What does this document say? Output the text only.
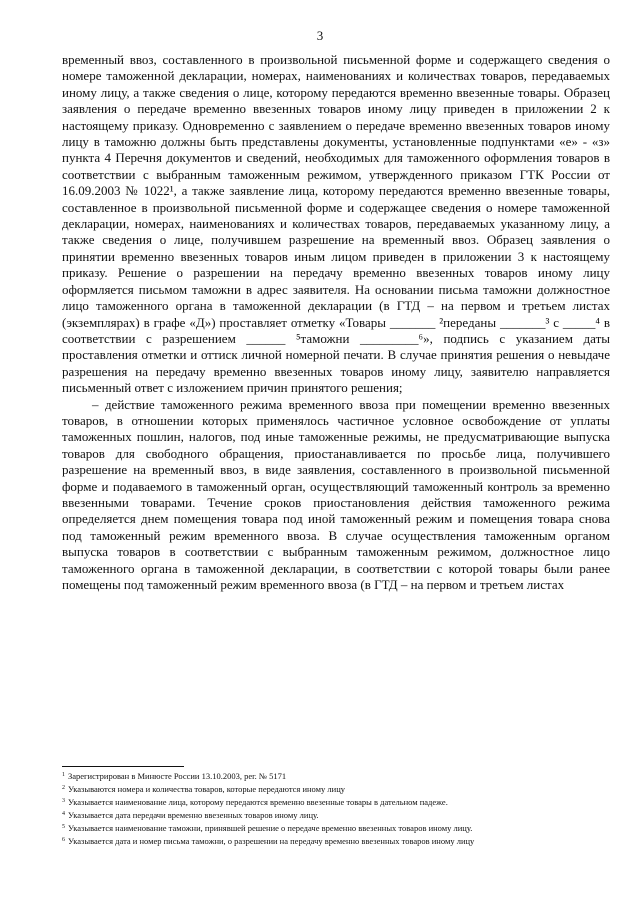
3

временный ввоз, составленного в произвольной письменной форме и содержащего сведения о номере таможенной декларации, номерах, наименованиях и количествах товаров, передаваемых иному лицу, а также сведения о лице, которому передаются временно ввезенные товары. Образец заявления о передаче временно ввезенных товаров иному лицу приведен в приложении 2 к настоящему приказу. Одновременно с заявлением о передаче временно ввезенных товаров иному лицу в таможню должны быть представлены документы, установленные подпунктами «е» - «з» пункта 4 Перечня документов и сведений, необходимых для таможенного оформления товаров в соответствии с выбранным таможенным режимом, утвержденного приказом ГТК России от 16.09.2003 № 1022¹, а также заявление лица, которому передаются временно ввезенные товары, составленное в произвольной письменной форме и содержащее сведения о номере таможенной декларации, номерах, наименованиях и количествах товаров, передаваемых указанному лицу, а также сведения о лице, получившем разрешение на временный ввоз. Образец заявления о принятии временно ввезенных товаров иным лицом приведен в приложении 3 к настоящему приказу. Решение о разрешении на передачу временно ввезенных товаров иному лицу оформляется письмом таможни в адрес заявителя. На основании письма таможни должностное лицо таможенного органа в таможенной декларации (в ГТД – на первом и третьем листах (экземплярах) в графе «Д») проставляет отметку «Товары _______ ²переданы _______³ с _____⁴ в соответствии с разрешением ______ ⁵таможни _________⁶», подпись с указанием даты проставления отметки и оттиск личной номерной печати. В случае принятия решения о невыдаче разрешения на передачу временно ввезенных товаров иному лицу, заявителю направляется письменный ответ с изложением причин принятого решения;

– действие таможенного режима временного ввоза при помещении временно ввезенных товаров, в отношении которых применялось частичное условное освобождение от уплаты таможенных пошлин, налогов, под иные таможенные режимы, не предусматривающие выпуска товаров для свободного обращения, приостанавливается по просьбе лица, получившего разрешение на временный ввоз, в виде заявления, составленного в произвольной письменной форме и подаваемого в таможенный орган, осуществляющий таможенный контроль за временно ввезенными товарами. Течение сроков приостановления действия таможенного режима определяется днем помещения товара под иной таможенный режим и помещения товара снова под таможенный режим временного ввоза. В случае осуществления таможенным органом выпуска товаров в соответствии с выбранным таможенным режимом, должностное лицо таможенного органа в таможенной декларации, в соответствии с которой товары были ранее помещены под таможенный режим временного ввоза (в ГТД – на первом и третьем листах

$^1$ Зарегистрирован в Минюсте России 13.10.2003, рег. № 5171
$^2$ Указываются номера и количества товаров, которые передаются иному лицу
$^3$ Указывается наименование лица, которому передаются временно ввезенные товары в дательном падеже.
$^4$ Указывается дата передачи временно ввезенных товаров иному лицу.
$^5$ Указывается наименование таможни, принявшей решение о передаче временно ввезенных товаров иному лицу.
$^6$ Указывается дата и номер письма таможни, о разрешении на передачу временно ввезенных товаров иному лицу
